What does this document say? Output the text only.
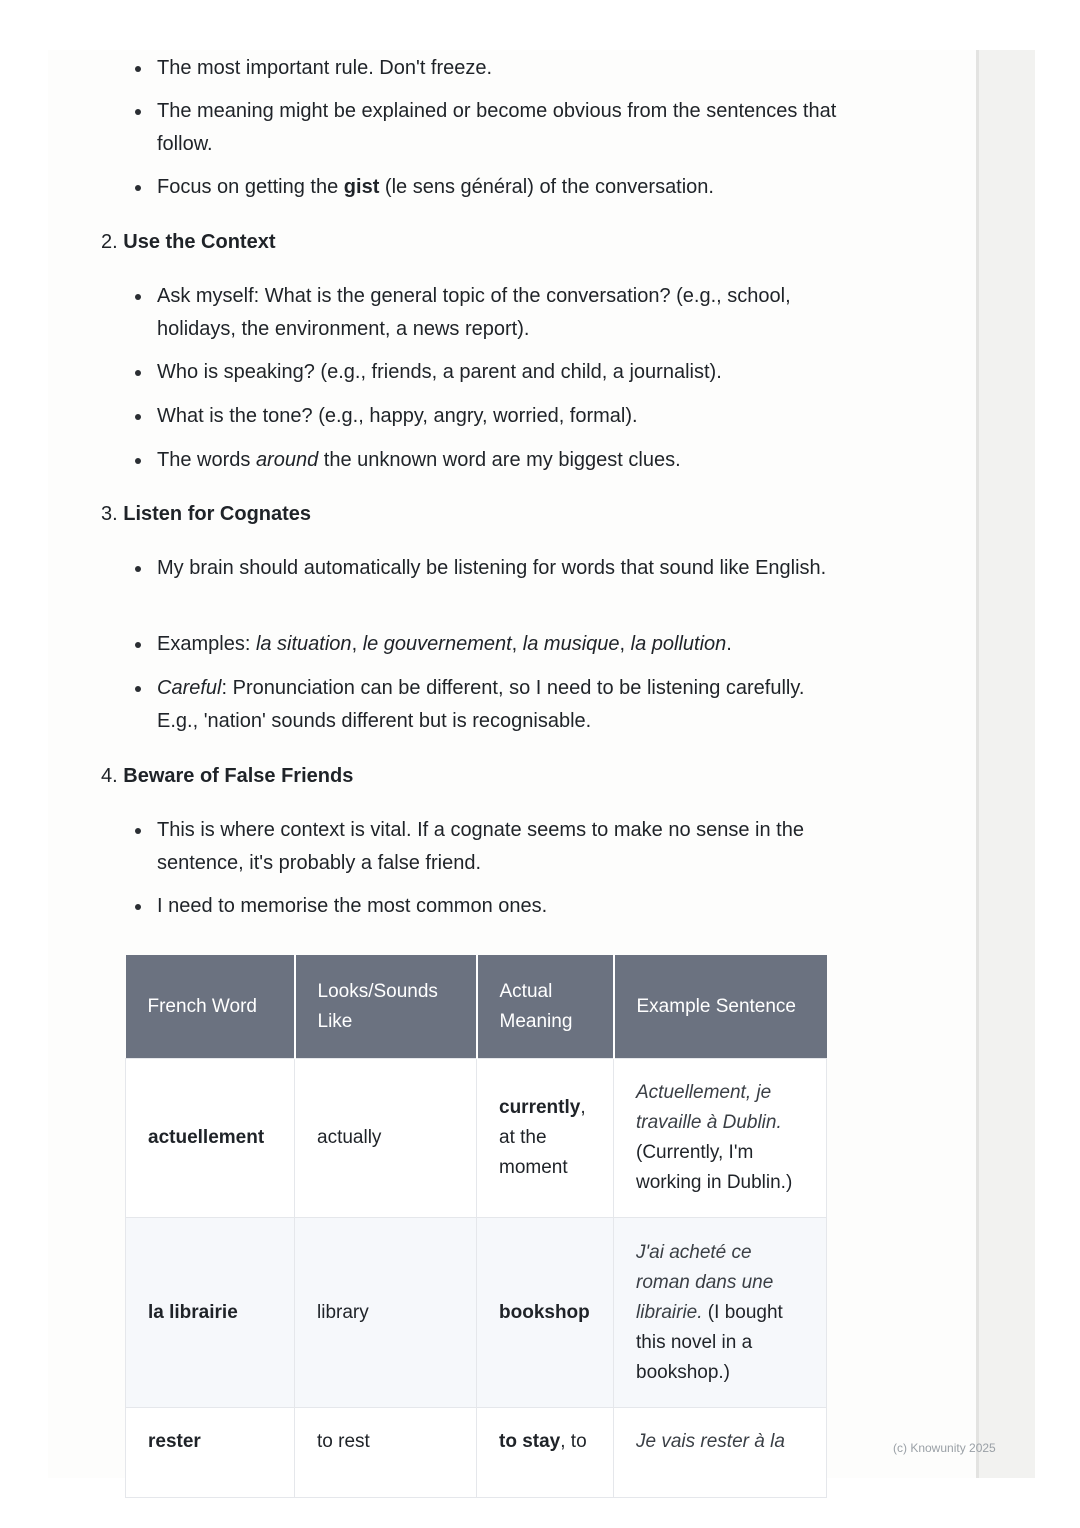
The most important rule. Don't freeze.
The meaning might be explained or become obvious from the sentences that follow.
Focus on getting the gist (le sens général) of the conversation.
2. Use the Context
Ask myself: What is the general topic of the conversation? (e.g., school, holidays, the environment, a news report).
Who is speaking? (e.g., friends, a parent and child, a journalist).
What is the tone? (e.g., happy, angry, worried, formal).
The words around the unknown word are my biggest clues.
3. Listen for Cognates
My brain should automatically be listening for words that sound like English.
Examples: la situation, le gouvernement, la musique, la pollution.
Careful: Pronunciation can be different, so I need to be listening carefully. E.g., 'nation' sounds different but is recognisable.
4. Beware of False Friends
This is where context is vital. If a cognate seems to make no sense in the sentence, it's probably a false friend.
I need to memorise the most common ones.
French Word	Looks/Sounds Like	Actual Meaning	Example Sentence
actuellement	actually	currently, at the moment	Actuellement, je travaille à Dublin. (Currently, I'm working in Dublin.)
la librairie	library	bookshop	J'ai acheté ce roman dans une librairie. (I bought this novel in a bookshop.)
rester	to rest	to stay, to	Je vais rester à la	(c) Knowunity 2025
